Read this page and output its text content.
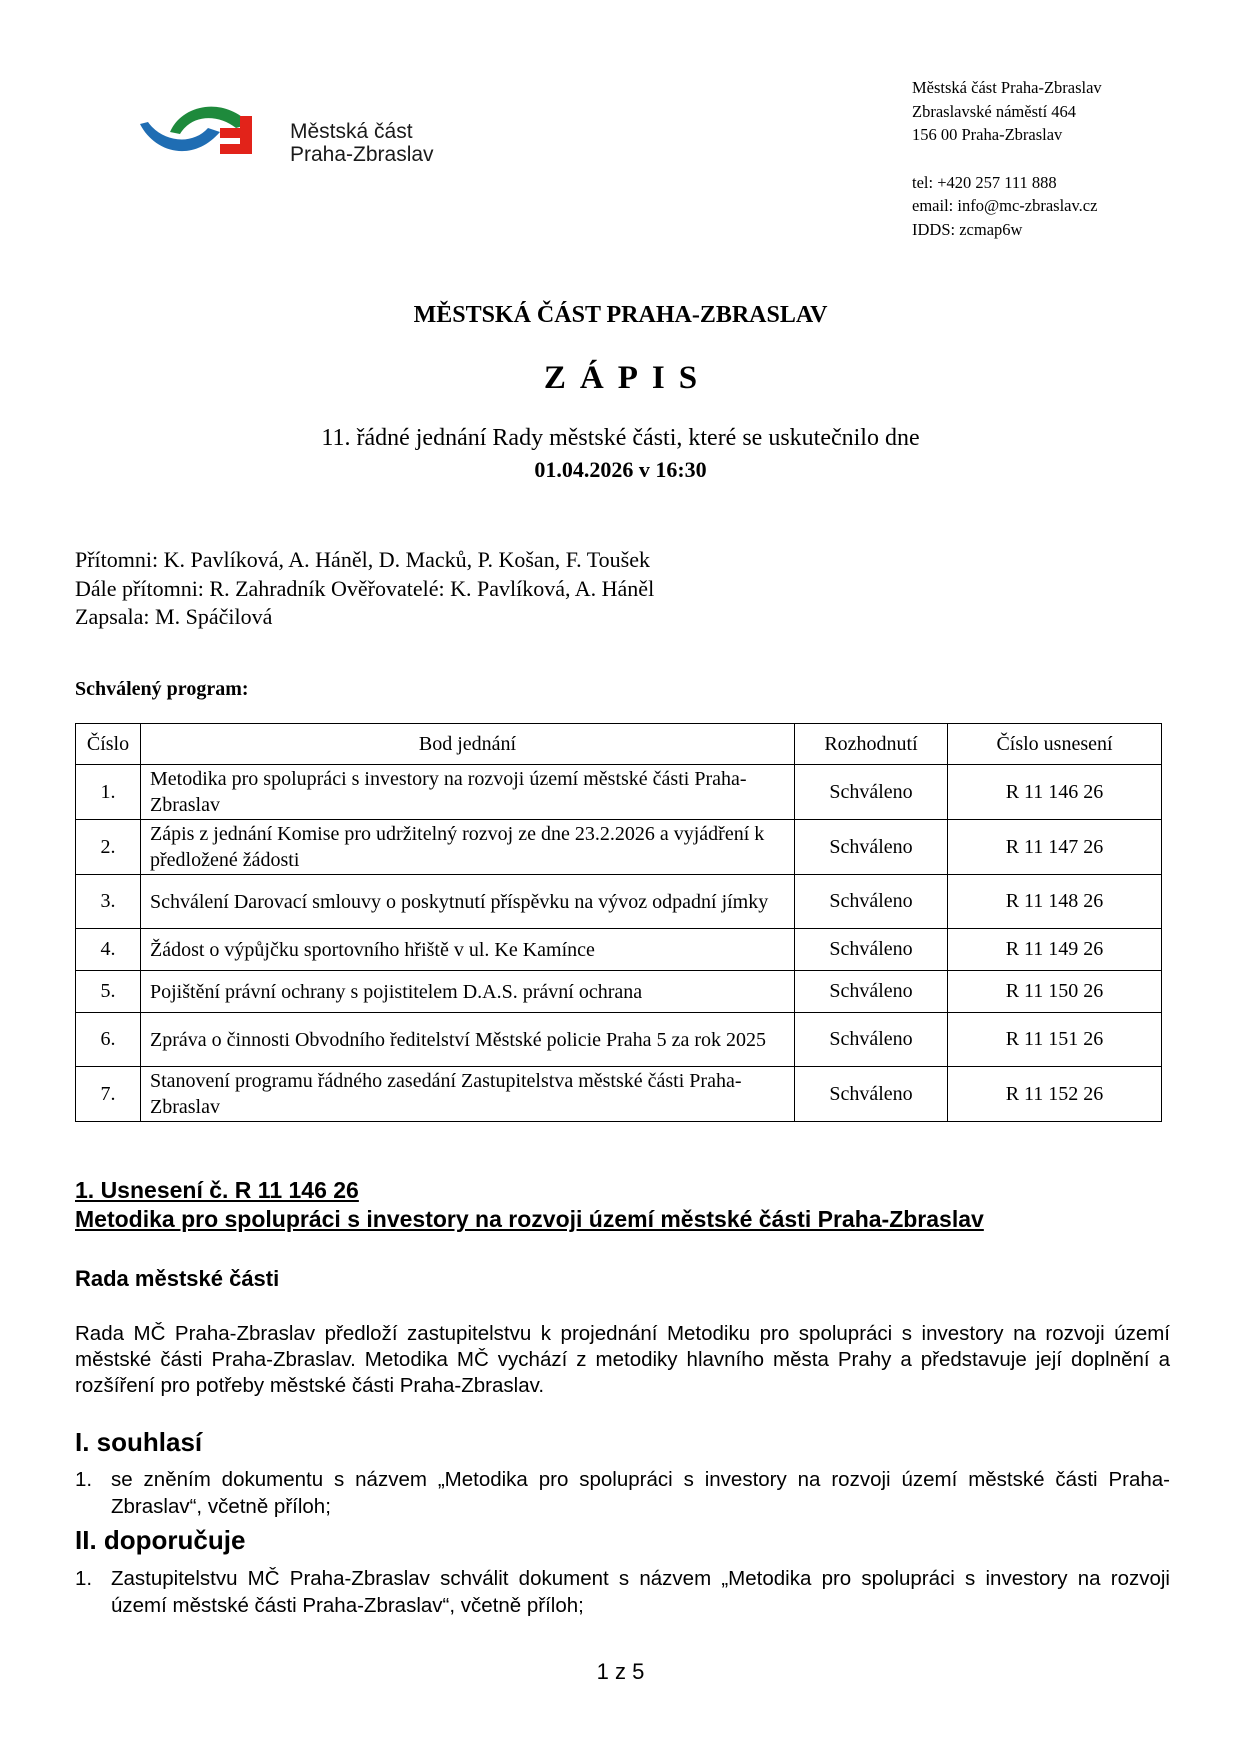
Městská část
Praha-Zbraslav
Městská část Praha-Zbraslav
Zbraslavské náměstí 464
156 00 Praha-Zbraslav
tel: +420 257 111 888
email: info@mc-zbraslav.cz
IDDS: zcmap6w
MĚSTSKÁ ČÁST PRAHA-ZBRASLAV
ZÁPIS
11. řádné jednání Rady městské části, které se uskutečnilo dne
01.04.2026 v 16:30
Přítomni: K. Pavlíková, A. Háněl, D. Macků, P. Košan, F. Toušek
Dále přítomni: R. Zahradník Ověřovatelé: K. Pavlíková, A. Háněl
Zapsala: M. Spáčilová
Schválený program:
Číslo	Bod jednání	Rozhodnutí	Číslo usnesení
1.	Metodika pro spolupráci s investory na rozvoji území městské části Praha-Zbraslav	Schváleno	R 11 146 26
2.	Zápis z jednání Komise pro udržitelný rozvoj ze dne 23.2.2026 a vyjádření k předložené žádosti	Schváleno	R 11 147 26
3.	Schválení Darovací smlouvy o poskytnutí příspěvku na vývoz odpadní jímky	Schváleno	R 11 148 26
4.	Žádost o výpůjčku sportovního hřiště v ul. Ke Kamínce	Schváleno	R 11 149 26
5.	Pojištění právní ochrany s pojistitelem D.A.S. právní ochrana	Schváleno	R 11 150 26
6.	Zpráva o činnosti Obvodního ředitelství Městské policie Praha 5 za rok 2025	Schváleno	R 11 151 26
7.	Stanovení programu řádného zasedání Zastupitelstva městské části Praha-Zbraslav	Schváleno	R 11 152 26
1. Usnesení č. R 11 146 26
Metodika pro spolupráci s investory na rozvoji území městské části Praha-Zbraslav
Rada městské části
Rada MČ Praha-Zbraslav předloží zastupitelstvu k projednání Metodiku pro spolupráci s investory na rozvoji území městské části Praha-Zbraslav. Metodika MČ vychází z metodiky hlavního města Prahy a představuje její doplnění a rozšíření pro potřeby městské části Praha-Zbraslav.
I. souhlasí
1. se zněním dokumentu s názvem „Metodika pro spolupráci s investory na rozvoji území městské části Praha-Zbraslav“, včetně příloh;
II. doporučuje
1. Zastupitelstvu MČ Praha-Zbraslav schválit dokument s názvem „Metodika pro spolupráci s investory na rozvoji území městské části Praha-Zbraslav“, včetně příloh;
1 z 5
